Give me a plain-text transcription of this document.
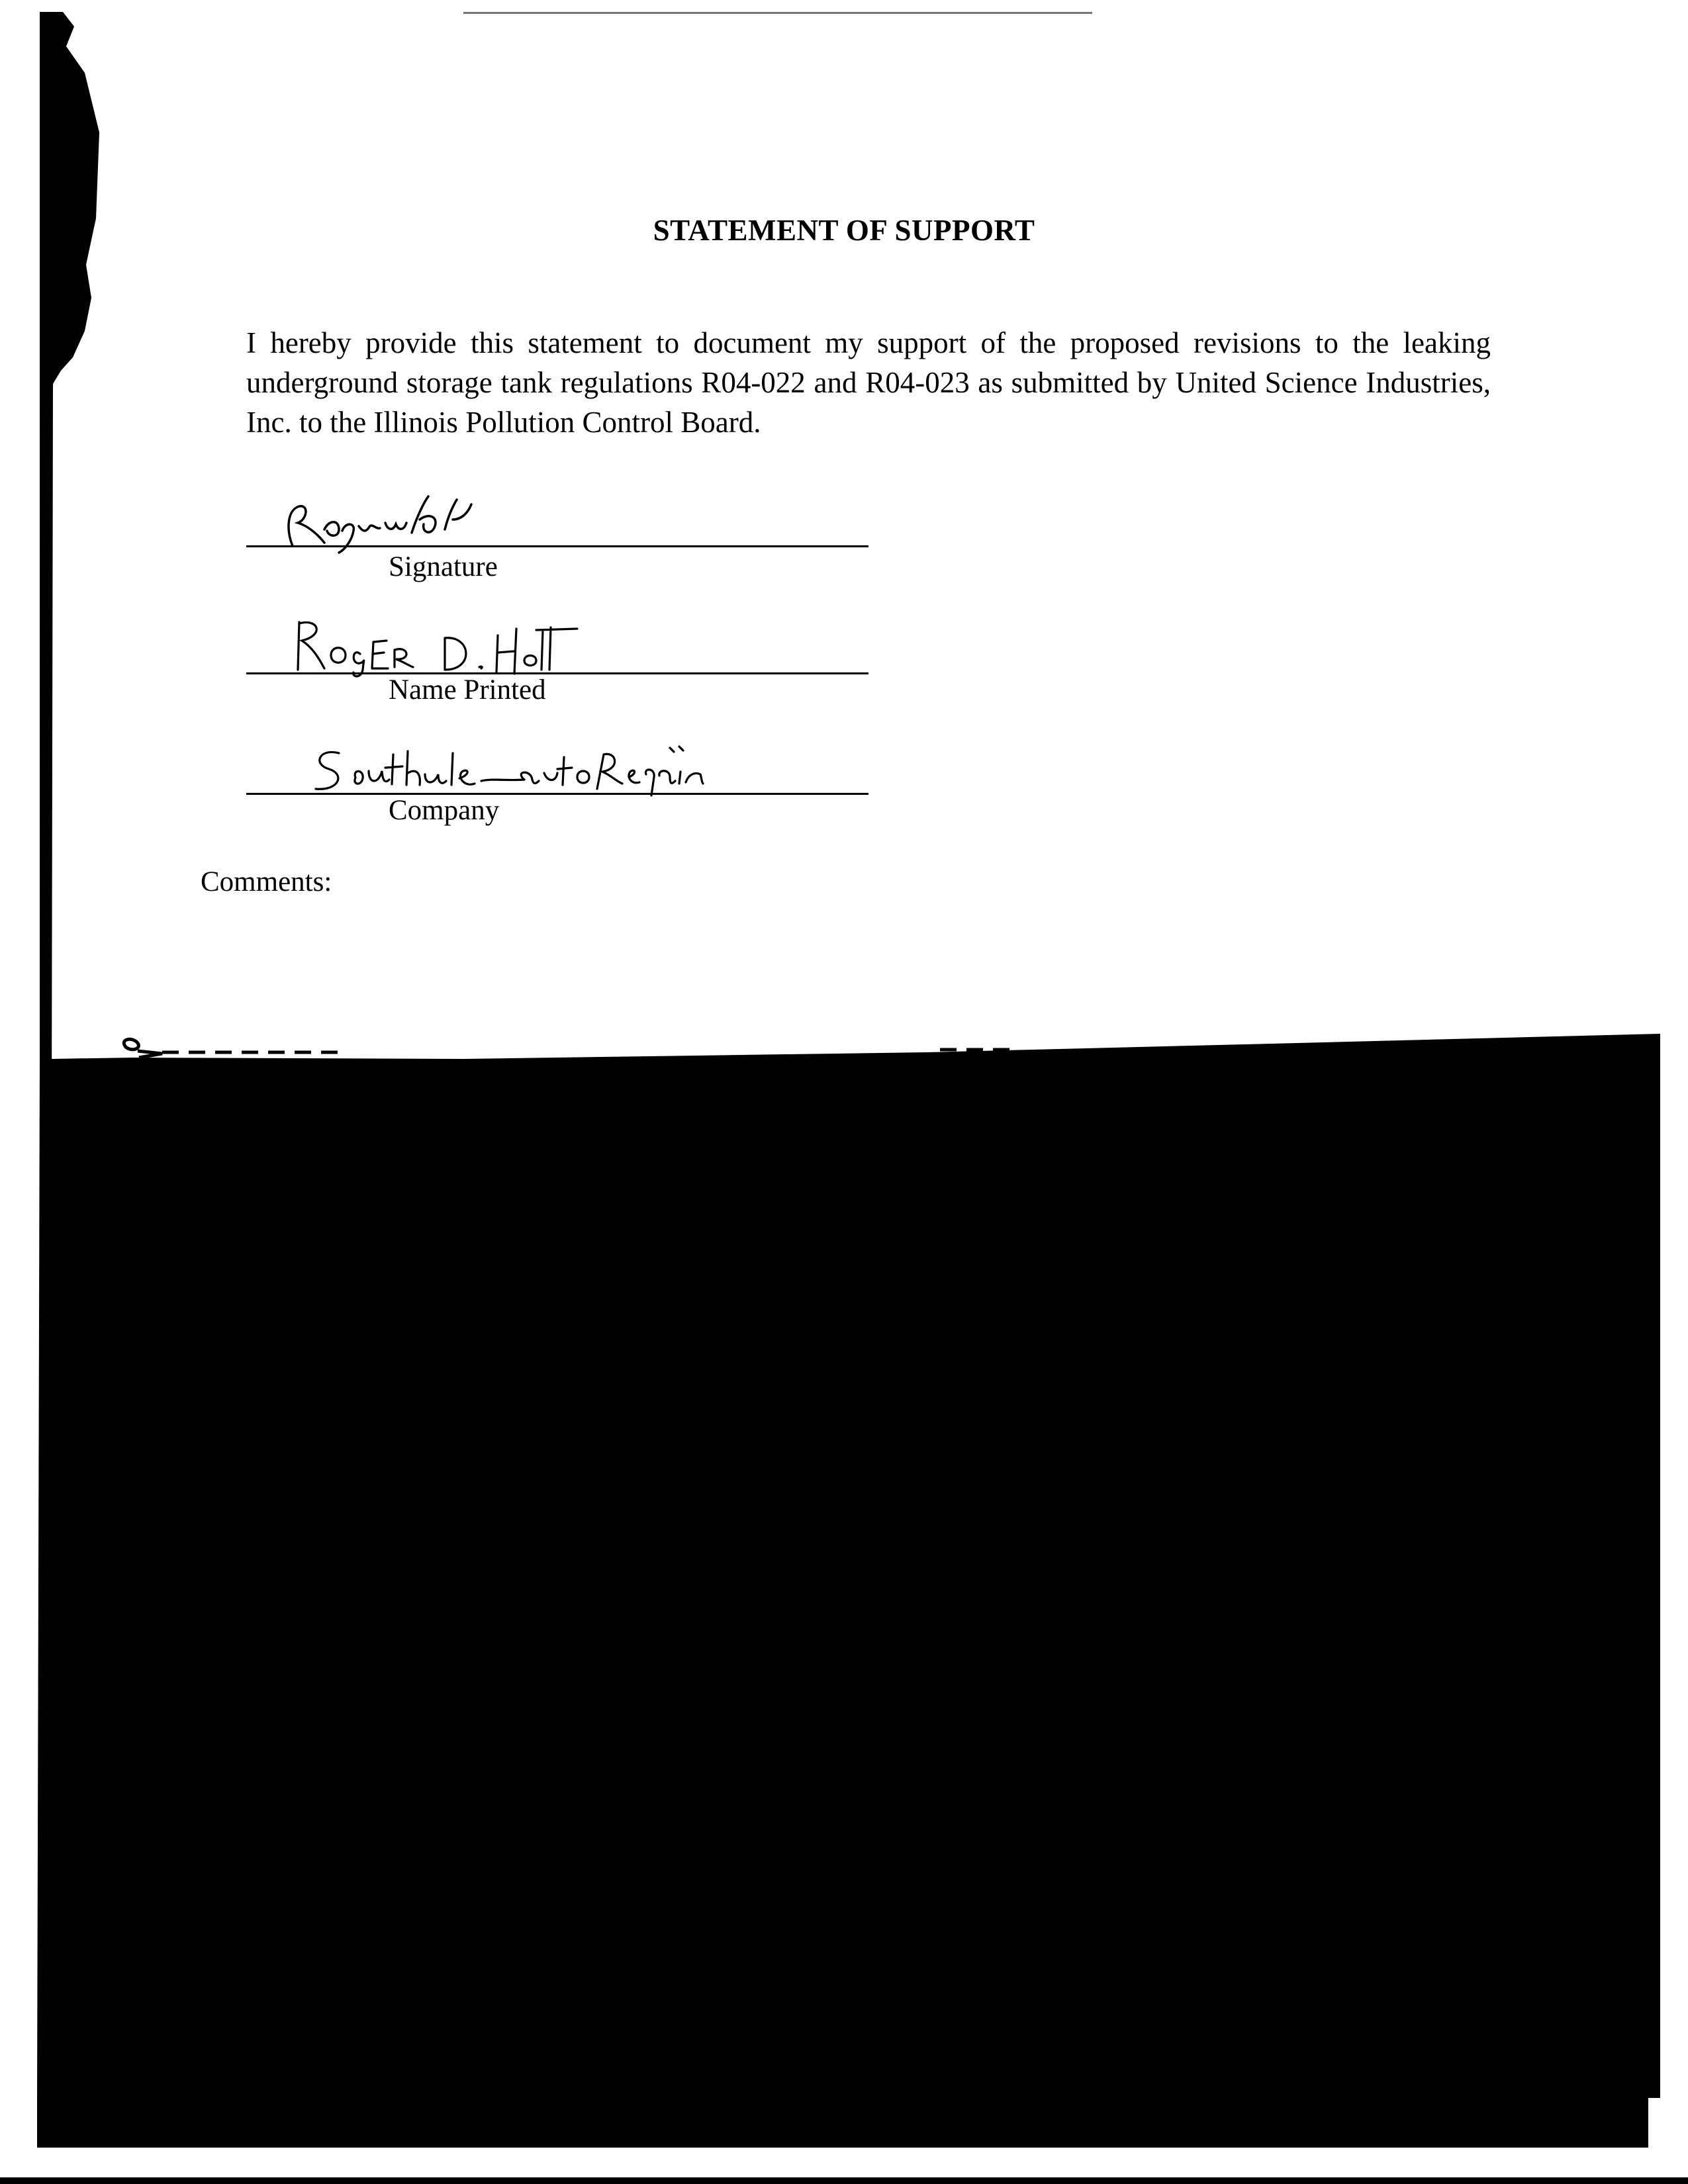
STATEMENT OF SUPPORT
I hereby provide this statement to document my support of the proposed revisions to the leaking underground storage tank regulations R04-022 and R04-023 as submitted by United Science Industries, Inc. to the Illinois Pollution Control Board.
Signature
Name Printed
Company
Comments:
